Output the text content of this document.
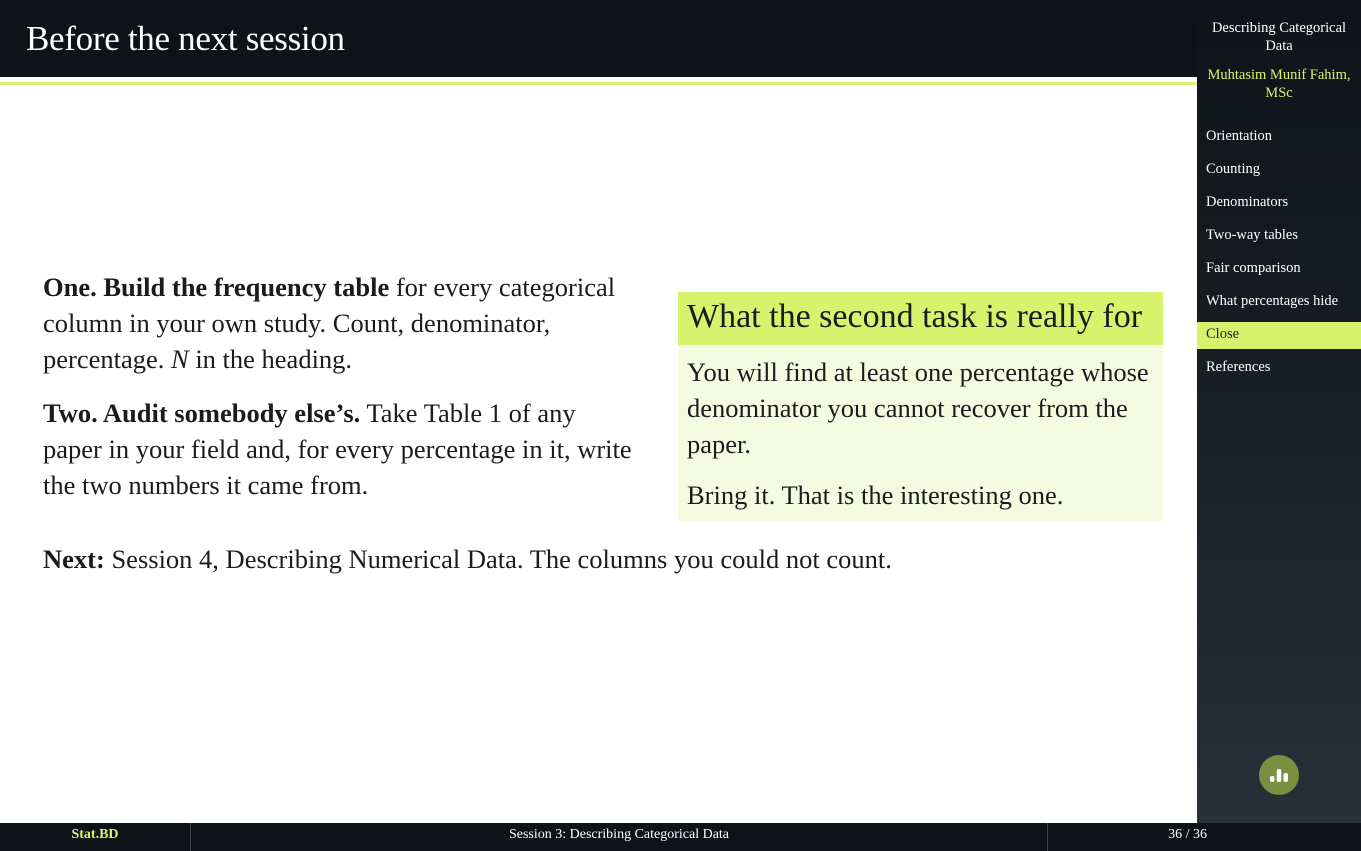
Before the next session

One. Build the frequency table for every categorical column in your own study. Count, denominator, percentage. N in the heading.

Two. Audit somebody else’s. Take Table 1 of any paper in your field and, for every percentage in it, write the two numbers it came from.

What the second task is really for

You will find at least one percentage whose denominator you cannot recover from the paper.

Bring it. That is the interesting one.

Next: Session 4, Describing Numerical Data. The columns you could not count.
Describing Categorical Data
Muhtasim Munif Fahim, MSc
Orientation
Counting
Denominators
Two-way tables
Fair comparison
What percentages hide
Close
References
Stat.BD	Session 3: Describing Categorical Data	36 / 36
